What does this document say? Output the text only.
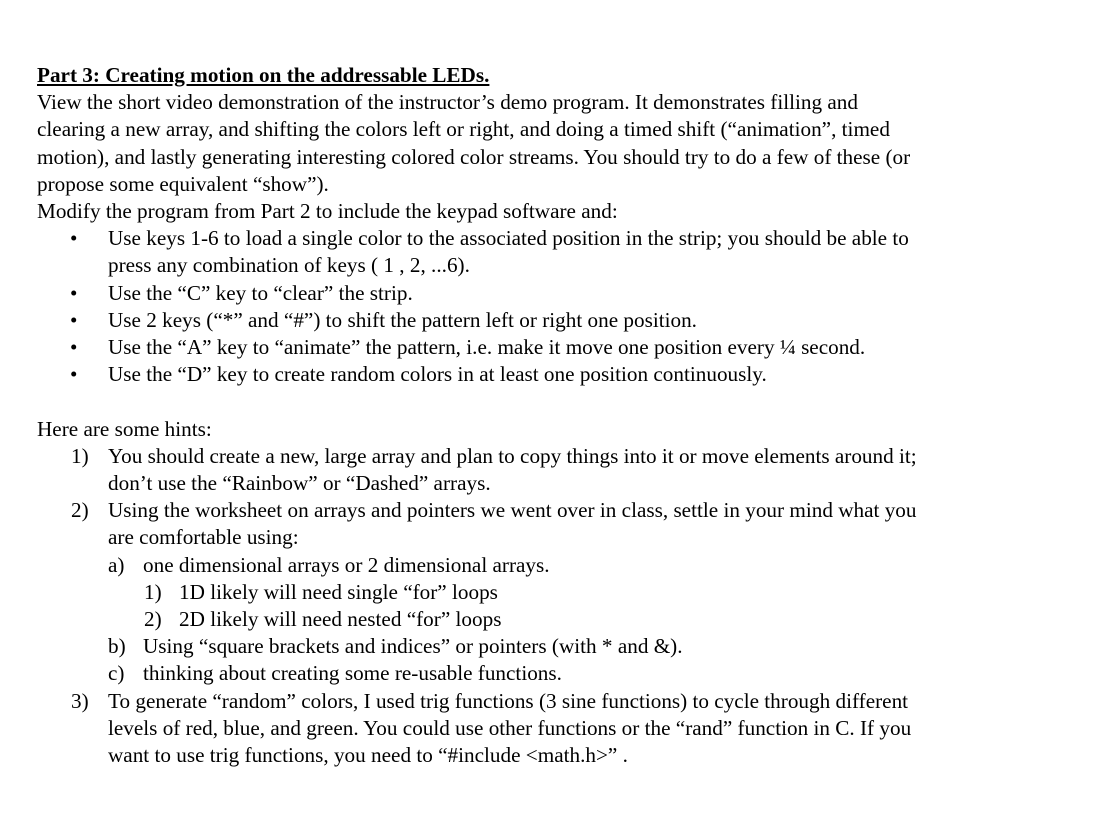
Part 3: Creating motion on the addressable LEDs.
View the short video demonstration of the instructor’s demo program. It demonstrates filling and
clearing a new array, and shifting the colors left or right, and doing a timed shift (“animation”, timed
motion), and lastly generating interesting colored color streams. You should try to do a few of these (or
propose some equivalent “show”).
Modify the program from Part 2 to include the keypad software and:
• Use keys 1-6 to load a single color to the associated position in the strip; you should be able to
press any combination of keys ( 1 , 2, ...6).
• Use the “C” key to “clear” the strip.
• Use 2 keys (“*” and “#”) to shift the pattern left or right one position.
• Use the “A” key to “animate” the pattern, i.e. make it move one position every ¼ second.
• Use the “D” key to create random colors in at least one position continuously.
Here are some hints:
1) You should create a new, large array and plan to copy things into it or move elements around it;
don’t use the “Rainbow” or “Dashed” arrays.
2) Using the worksheet on arrays and pointers we went over in class, settle in your mind what you
are comfortable using:
a) one dimensional arrays or 2 dimensional arrays.
1) 1D likely will need single “for” loops
2) 2D likely will need nested “for” loops
b) Using “square brackets and indices” or pointers (with * and &).
c) thinking about creating some re-usable functions.
3) To generate “random” colors, I used trig functions (3 sine functions) to cycle through different
levels of red, blue, and green. You could use other functions or the “rand” function in C. If you
want to use trig functions, you need to “#include <math.h>” .
